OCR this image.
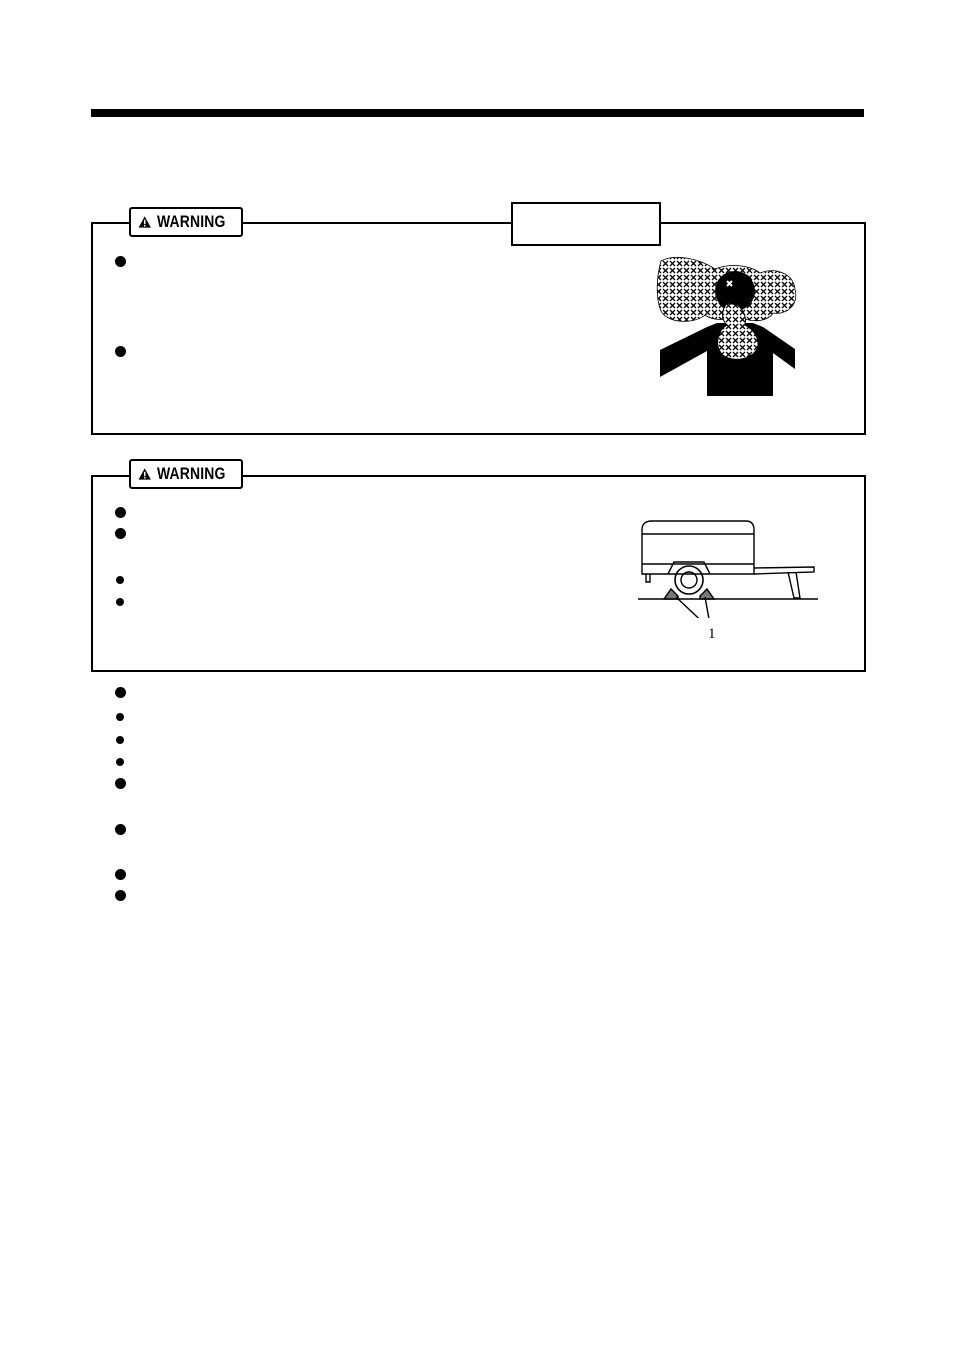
WARNING
WARNING
1
